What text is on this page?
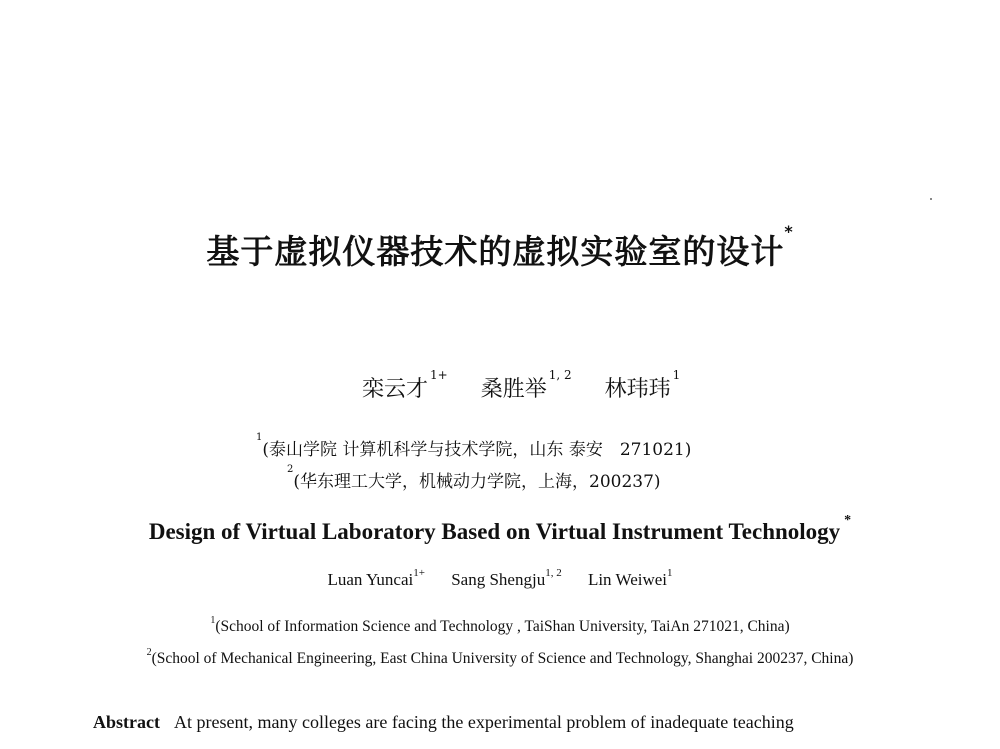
基于虚拟仪器技术的虚拟实验室的设计*
栾云才$^{1+}$ 桑胜举$^{1, 2}$ 林玮玮$^1$
$^1$(泰山学院 计算机科学与技术学院，山东 泰安　271021)
$^2$(华东理工大学，机械动力学院，上海，200237)
Design of Virtual Laboratory Based on Virtual Instrument Technology *
Luan Yuncai$^{1+}$ Sang Shengju$^{1, 2}$ Lin Weiwei$^1$
$^1$(School of Information Science and Technology , TaiShan University, TaiAn 271021, China)
$^2$(School of Mechanical Engineering, East China University of Science and Technology, Shanghai 200237, China)
Abstract At present, many colleges are facing the experimental problem of inadequate teaching
